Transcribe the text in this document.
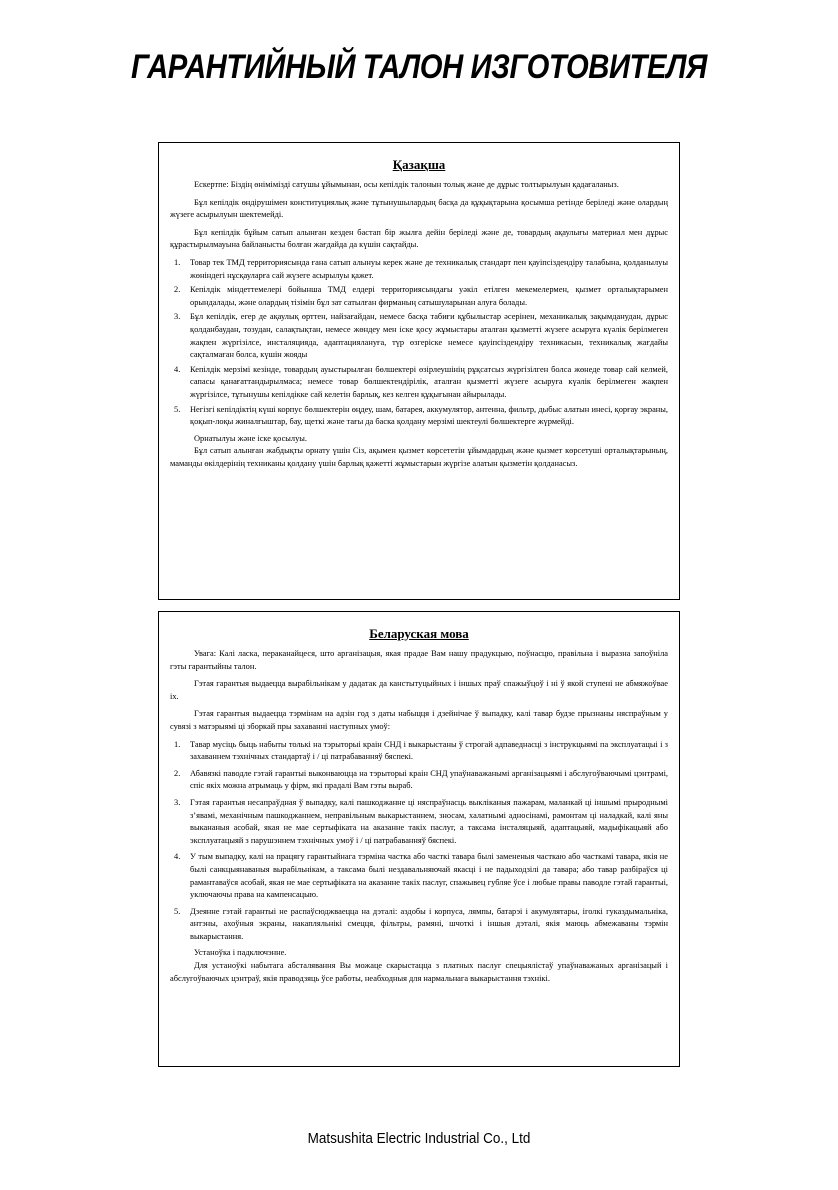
ГАРАНТИЙНЫЙ ТАЛОН ИЗГОТОВИТЕЛЯ
Қазақша

Ескертпе: Біздің өнімімізді сатушы ұйымынан, осы кепілдік талонын толық және де дұрыс толтырылуын қадағаланыз.

Бұл кепілдік өндірушімен конституциялық және тұтынушылардың басқа да құқықтарына қосымша ретінде беріледі және олардың жүзеге асырылуын шектемейді.

Бұл кепілдік бұйым сатып алынған кезден бастап бір жылға дейін беріледі және де, товардың ақаулығы материал мен дұрыс құрастырылмауына байланысты болған жағдайда да күшін сақтайды.

1. Товар тек ТМД территориясында ғана сатып алынуы керек және де техникалық стандарт пен қауіпсіздендіру талабына, қолданылуы жөніндегі нұсқауларға сай жүзеге асырылуы қажет.
2. Кепілдік міндеттемелері бойынша ТМД елдері территориясындағы уәкіл етілген мекемелермен, қызмет орталықтарымен орындалады, және олардың тізімін бұл зат сатылған фирманың сатышуларынан алуға болады.
3. Бұл кепілдік, егер де ақаулық өрттен, найзағайдан, немесе басқа табиғи құбылыстар әсерінен, механикалық зақымданудан, дұрыс қолданбаудан, тозудан, салақтықтан, немесе жөндеу мен іске қосу жұмыстары аталған қызметті жүзеге асыруға күәлік берілмеген жақпен жүргізілсе, инсталяцияда, адаптациялануға, түр өзгеріске немесе қауіпсіздендіру техникасын, техникалық жағдайы сақталмаған болса, күшін жояды
4. Кепілдік мерзімі кезінде, товардың ауыстырылған бөлшектері өзірлеушінің рұқсатсыз жүргізілген болса жөнеде товар сай келмей, сапасы қанағаттандырылмаса; немесе товар бөлшектендірілік, аталған қызметті жүзеге асыруға күәлік берілмеген жақпен жүргізілсе, тұтынушы кепілдікке сай келетін барлық, кез келген құқығынан айырылады.
5. Негізгі кепілдіктің күші корпус бөлшектерін өңдеу, шам, батарея, аккумулятор, антенна, фильтр, дыбыс алатын инесі, қорғау экраны, қоқып-лоқы жиналғыштар, бау, щеткі және тағы да баска қолдану мерзімі шектеулі бөлшектерге жүрмейді.

Орнатылуы және іске қосылуы.

Бұл сатып алынған жабдықты орнату үшін Сіз, ақымен қызмет көрсететін ұйымдардың және қызмет көрсетуші орталықтарының, маманды өкілдерінің техниканы қолдану үшін барлық қажетті жұмыстарын жүргізе алатын қызметін қолданасыз.

Беларуская мова

Увага: Калі ласка, пераканайцеся, што арганізацыя, якая прадае Вам нашу прадукцыю, поўнасцю, правільна і выразна запоўніла гэты гарантыйны талон.

Гэтая гарантыя выдаецца вырабільнікам у дадатак да канстытуцыйных і іншых праў спажыўцоў і ні ў якой ступені не абмяжоўвае іх.

Гэтая гарантыя выдаецца тэрмінам на адзін год з даты набыцця і дзейнічае ў выпадку, калі тавар будзе прызнаны няспраўным у сувязі з матэрыямі ці зборкай пры захаванні наступных умоў:

1. Тавар мусіць быць набыты толькі на тэрыторыі краін СНД і выкарыстаны ў строгай адпаведнасці з інструкцыямі па эксплуатацыі і з захаваннем тэхнічных стандартаў і / ці патрабаванняў бяспекі.
2. Абавязкі паводле гэтай гарантыі выконваюцца на тэрыторыі краін СНД упаўнаважанымі арганізацыямі і абслугоўваючымі цэнтрамі, спіс якіх можна атрымаць у фірм, які прадалі Вам гэты выраб.
3. Гэтая гарантыя несапраўдная ў выпадку, калі пашкоджанне ці няспраўнасць выкліканыя пажарам, маланкай ці іншымі прыроднымі з’явамі, механічным пашкоджаннем, неправільным выкарыстаннем, зносам, халатнымі адносінамі, рамонтам ці наладкай, калі яны выкананыя асобай, якая не мае сертыфіката на аказанне такіх паслуг, а таксама інсталяцыяй, адаптацыяй, мадыфікацыяй або эксплуатацыяй з парушэннем тэхнічных умоў і / ці патрабаванняў бяспекі.
4. У тым выпадку, калі на працягу гарантыйнага тэрміна частка або часткі тавара былі замененыя часткаю або часткамі тавара, якія не былі санкцыянаваныя вырабільнікам, а таксама былі нездавальняючай якасці і не падыходзілі да тавара; або тавар разбіраўся ці рамантаваўся асобай, якая не мае сертыфіката на аказанне такіх паслуг, спажывец губляе ўсе і любые правы паводле гэтай гарантыі, уключаючы права на кампенсацыю.
5. Дзеянне гэтай гарантыі не распаўсюджваецца на дэталі: аздобы і корпуса, лямпы, батарэі і акумулятары, іголкі гуказдымальніка, антэны, ахоўныя экраны, накапляльнікі смецця, фільтры, рамяні, шчоткі і іншыя дэталі, якія маюць абмежаваны тэрмін выкарыстання.

Устаноўка і падключэнне.

Для устаноўкі набытага абсталявання Вы можаце скарыстацца з платных паслуг спецыялістаў упаўнаважаных арганізацый і абслугоўваючых цэнтраў, якія праводзяць ўсе работы, неабходныя для нармальнага выкарыстання тэхнікі.

Matsushita Electric Industrial Co., Ltd
